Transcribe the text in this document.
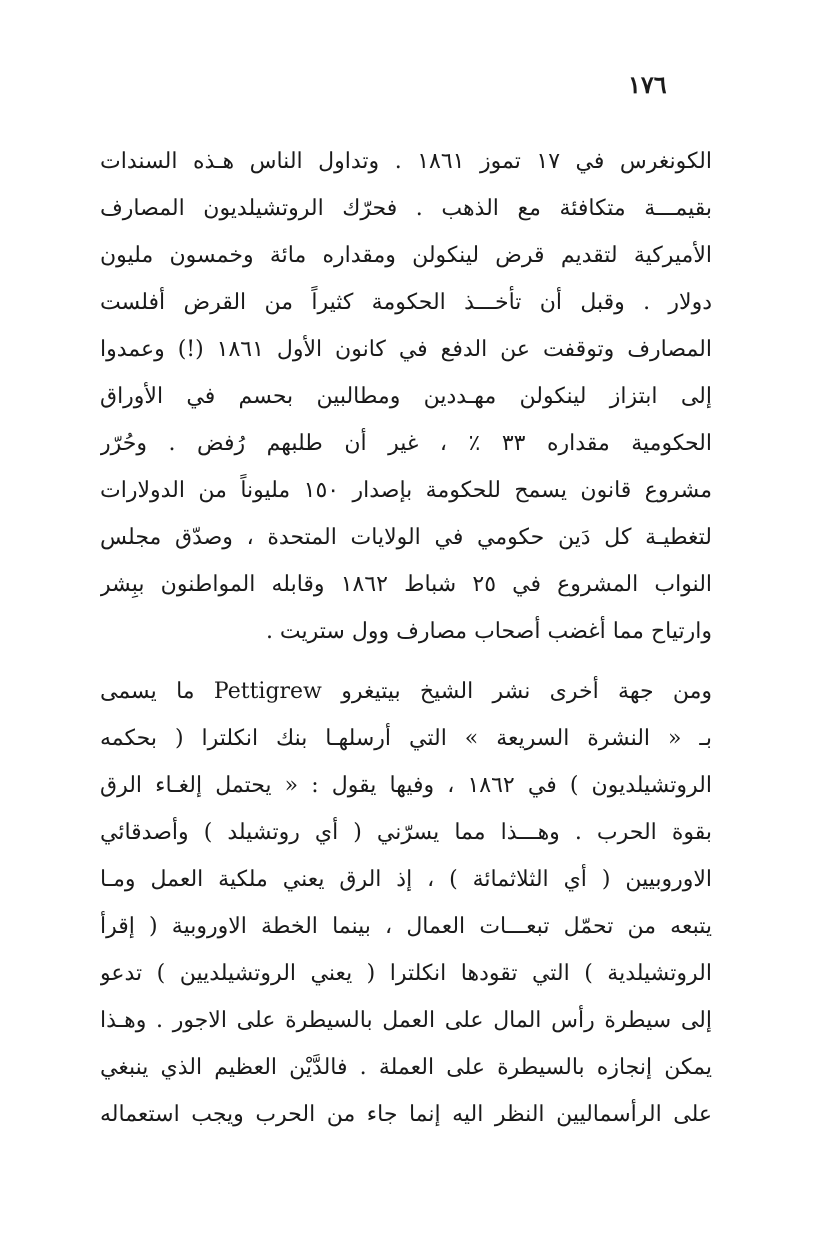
١٧٦
الكونغرس في ١٧ تموز ١٨٦١ . وتداول الناس هـذه السندات
بقيمـــة متكافئة مع الذهب . فحرّك الروتشيلديون المصارف
الأميركية لتقديم قرض لينكولن ومقداره مائة وخمسون مليون
دولار . وقبل أن تأخـــذ الحكومة كثيراً من القرض أفلست
المصارف وتوقفت عن الدفع في كانون الأول ١٨٦١ (!) وعمدوا
إلى ابتزاز لينكولن مهـددين ومطالبين بحسم في الأوراق
الحكومية مقداره ٣٣ ٪ ، غير أن طلبهم رُفض . وحُرّر
مشروع قانون يسمح للحكومة بإصدار ١٥٠ مليوناً من الدولارات
لتغطيـة كل دَين حكومي في الولايات المتحدة ، وصدّق مجلس
النواب المشروع في ٢٥ شباط ١٨٦٢ وقابله المواطنون ببِشر
وارتياح مما أغضب أصحاب مصارف وول ستريت .
ومن جهة أخرى نشر الشيخ بيتيغرو Pettigrew ما يسمى
بـ « النشرة السريعة » التي أرسلهـا بنك انكلترا ( بحكمه
الروتشيلديون ) في ١٨٦٢ ، وفيها يقول : « يحتمل إلغـاء الرق
بقوة الحرب . وهـــذا مما يسرّني ( أي روتشيلد ) وأصدقائي
الاوروبيين ( أي الثلاثمائة ) ، إذ الرق يعني ملكية العمل ومـا
يتبعه من تحمّل تبعـــات العمال ، بينما الخطة الاوروبية ( إقرأ
الروتشيلدية ) التي تقودها انكلترا ( يعني الروتشيلديين ) تدعو
إلى سيطرة رأس المال على العمل بالسيطرة على الاجور . وهـذا
يمكن إنجازه بالسيطرة على العملة . فالدَّيْن العظيم الذي ينبغي
على الرأسماليين النظر اليه إنما جاء من الحرب ويجب استعماله
